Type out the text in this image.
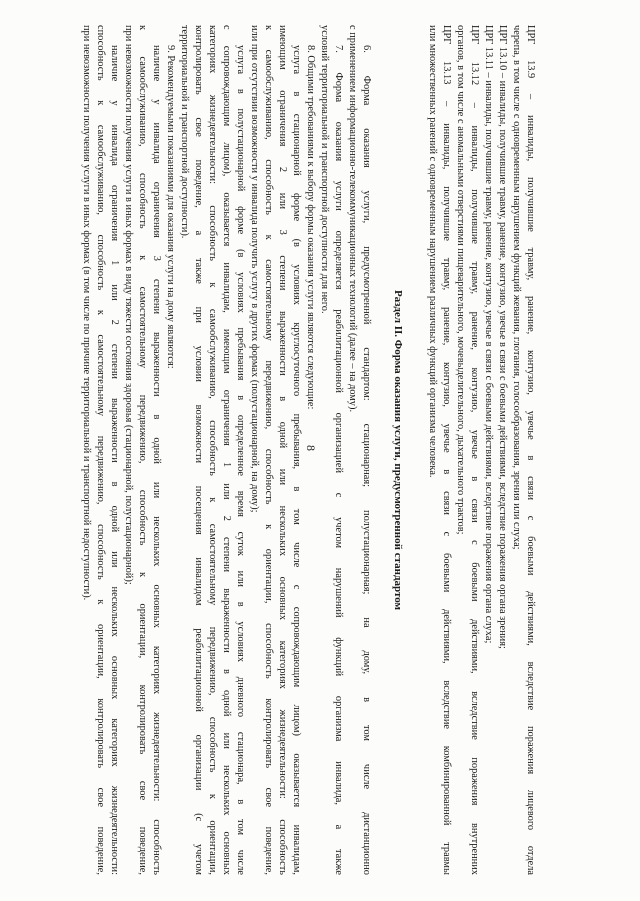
8	ЦРГ 13.9 – инвалиды, получившие травму, ранение, контузию, увечье в связи с боевыми действиями, вследствие поражения лицевого отдела
черепа, в том числе с одновременным нарушением функций жевания, глотания, голосообразования, зрения или слуха;
ЦРГ 13.10 – инвалиды, получившие травму, ранение, контузию, увечье в связи с боевыми действиями, вследствие поражения органа зрения;
ЦРГ 13.11 – инвалиды, получившие травму, ранение, контузию, увечье в связи с боевыми действиями, вследствие поражения органа слуха;
ЦРГ 13.12 – инвалиды, получившие травму, ранение, контузию, увечье в связи с боевыми действиями, вследствие поражения внутренних
органов, в том числе с аномальными отверстиями пищеварительного, мочевыделительного, дыхательного трактов;
ЦРГ 13.13 – инвалиды, получившие травму, ранение, контузию, увечье в связи с боевыми действиями, вследствие комбинированной травмы
или множественных ранений с одновременным нарушением различных функций организма человека.
Раздел II. Форма оказания услуги, предусмотренной стандартом
6. Форма оказания услуги, предусмотренной стандартом: стационарная; полустационарная; на дому, в том числе дистанционно
с применением информационно-телекоммуникационных технологий (далее – на дому).
7. Форма оказания услуги определяется реабилитационной организацией с учетом нарушений функций организма инвалида, а также
условий территориальной и транспортной доступности для него.
8. Общими требованиями к выбору формы оказания услуги являются следующие:
услуга в стационарной форме (в условиях круглосуточного пребывания, в том числе с сопровождающим лицом) оказывается инвалидам,
имеющим ограничения 2 или 3 степени выраженности в одной или нескольких основных категориях жизнедеятельности: способность
к самообслуживанию, способность к самостоятельному передвижению, способность к ориентации, способность контролировать свое поведение,
или при отсутствии возможности у инвалида получить услугу в других формах (полустационарной, на дому);
услуга в полустационарной форме (в условиях пребывания в определенное время суток или в условиях дневного стационара, в том числе
с сопровождающим лицом), оказывается инвалидам, имеющим ограничения 1 или 2 степени выраженности в одной или нескольких основных
категориях жизнедеятельности: способность к самообслуживанию, способность к самостоятельному передвижению, способность к ориентации,
контролировать свое поведение, а также при условии возможности посещения инвалидом реабилитационной организации (с учетом
территориальной и транспортной доступности).
9. Рекомендуемыми показаниями для оказания услуги на дому являются:
наличие у инвалида ограничения 3 степени выраженности в одной или нескольких основных категориях жизнедеятельности: способность
к самообслуживанию, способность к самостоятельному передвижению, способность к ориентации, контролировать свое поведение,
при невозможности получения услуги в иных формах в виду тяжести состояния здоровья (стационарной, полустационарной);
наличие у инвалида ограничения 1 или 2 степени выраженности в одной или нескольких основных категориях жизнедеятельности:
способность к самообслуживанию, способность к самостоятельному передвижению, способность к ориентации, контролировать свое поведение,
при невозможности получения услуги в иных формах (в том числе по причине территориальной и транспортной недоступности).
